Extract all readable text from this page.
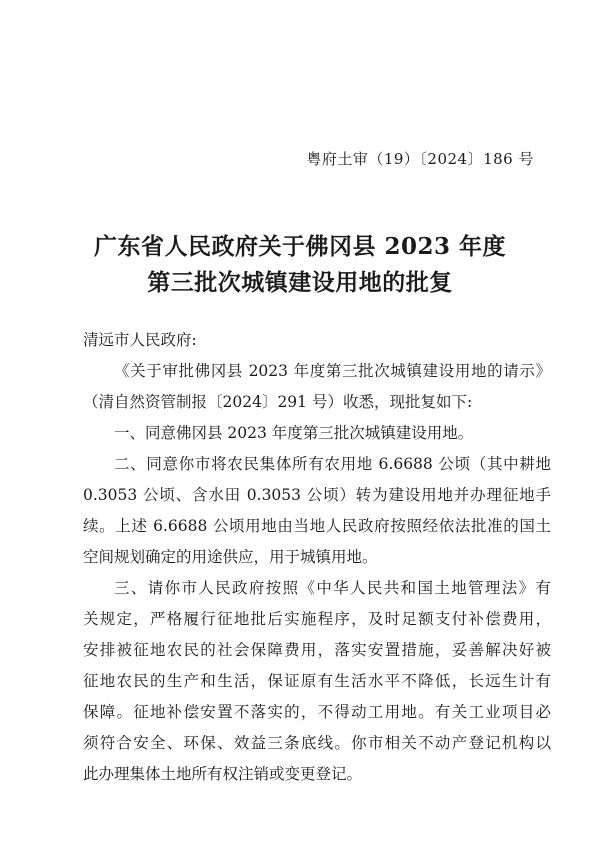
粤府土审（19）〔2024〕186 号
广东省人民政府关于佛冈县 2023 年度
第三批次城镇建设用地的批复
清远市人民政府:
《关于审批佛冈县 2023 年度第三批次城镇建设用地的请示》
（清自然资管制报〔2024〕291 号）收悉，现批复如下:
一、同意佛冈县 2023 年度第三批次城镇建设用地。
二、同意你市将农民集体所有农用地 6.6688 公顷（其中耕地
0.3053 公顷、含水田 0.3053 公顷）转为建设用地并办理征地手
续。上述 6.6688 公顷用地由当地人民政府按照经依法批准的国土
空间规划确定的用途供应，用于城镇用地。
三、请你市人民政府按照《中华人民共和国土地管理法》有
关规定，严格履行征地批后实施程序，及时足额支付补偿费用，
安排被征地农民的社会保障费用，落实安置措施，妥善解决好被
征地农民的生产和生活，保证原有生活水平不降低，长远生计有
保障。征地补偿安置不落实的，不得动工用地。有关工业项目必
须符合安全、环保、效益三条底线。你市相关不动产登记机构以
此办理集体土地所有权注销或变更登记。
